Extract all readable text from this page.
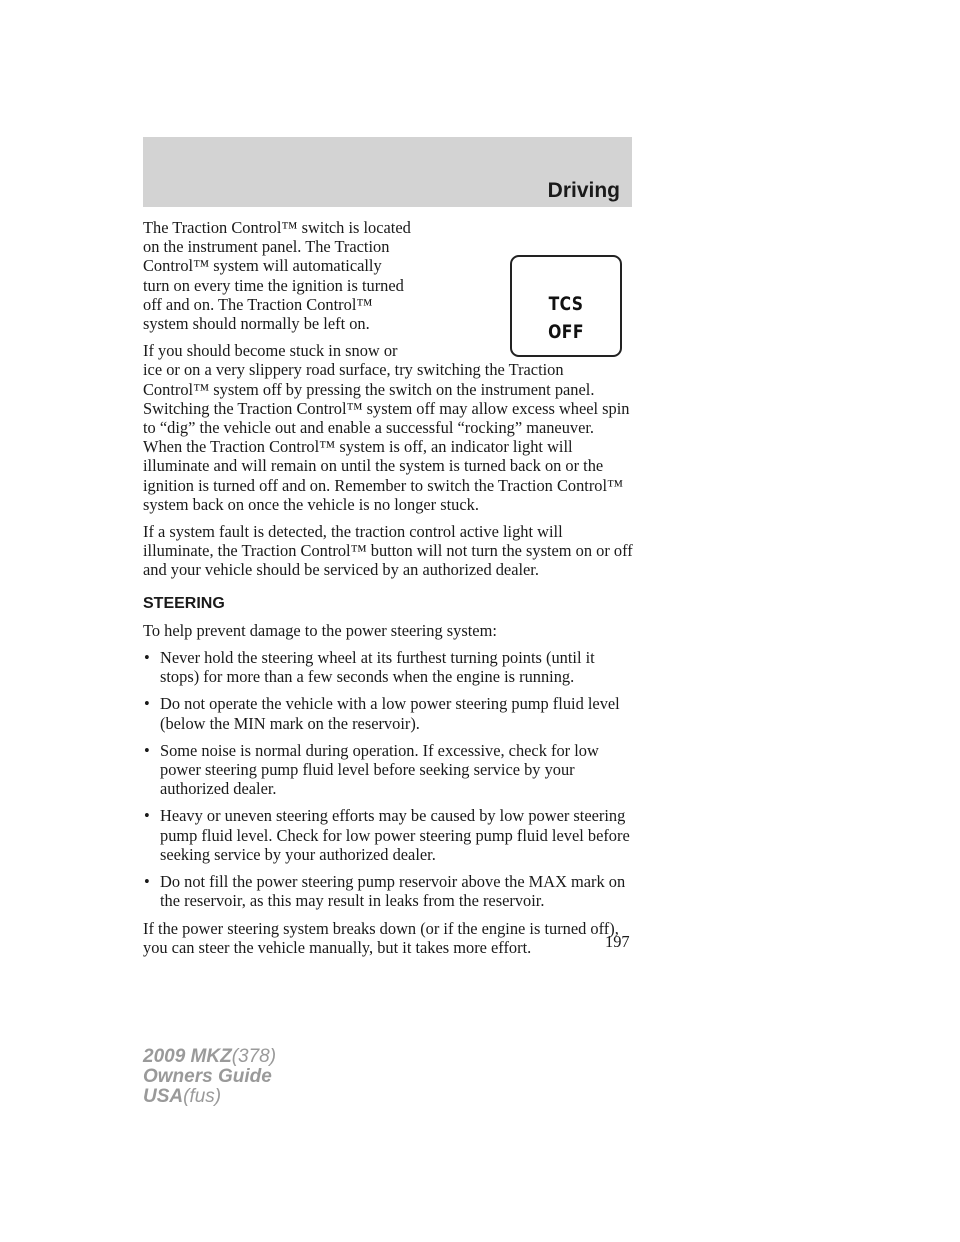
Driving
TCS
OFF

The Traction Control™ switch is located on the instrument panel. The Traction Control™ system will automatically turn on every time the ignition is turned off and on. The Traction Control™ system should normally be left on.

If you should become stuck in snow or ice or on a very slippery road surface, try switching the Traction Control™ system off by pressing the switch on the instrument panel. Switching the Traction Control™ system off may allow excess wheel spin to “dig” the vehicle out and enable a successful “rocking” maneuver. When the Traction Control™ system is off, an indicator light will illuminate and will remain on until the system is turned back on or the ignition is turned off and on. Remember to switch the Traction Control™ system back on once the vehicle is no longer stuck.

If a system fault is detected, the traction control active light will illuminate, the Traction Control™ button will not turn the system on or off and your vehicle should be serviced by an authorized dealer.

STEERING

To help prevent damage to the power steering system:

• Never hold the steering wheel at its furthest turning points (until it stops) for more than a few seconds when the engine is running.
• Do not operate the vehicle with a low power steering pump fluid level (below the MIN mark on the reservoir).
• Some noise is normal during operation. If excessive, check for low power steering pump fluid level before seeking service by your authorized dealer.
• Heavy or uneven steering efforts may be caused by low power steering pump fluid level. Check for low power steering pump fluid level before seeking service by your authorized dealer.
• Do not fill the power steering pump reservoir above the MAX mark on the reservoir, as this may result in leaks from the reservoir.

If the power steering system breaks down (or if the engine is turned off), you can steer the vehicle manually, but it takes more effort.	197
2009 MKZ(378)
Owners Guide
USA(fus)
